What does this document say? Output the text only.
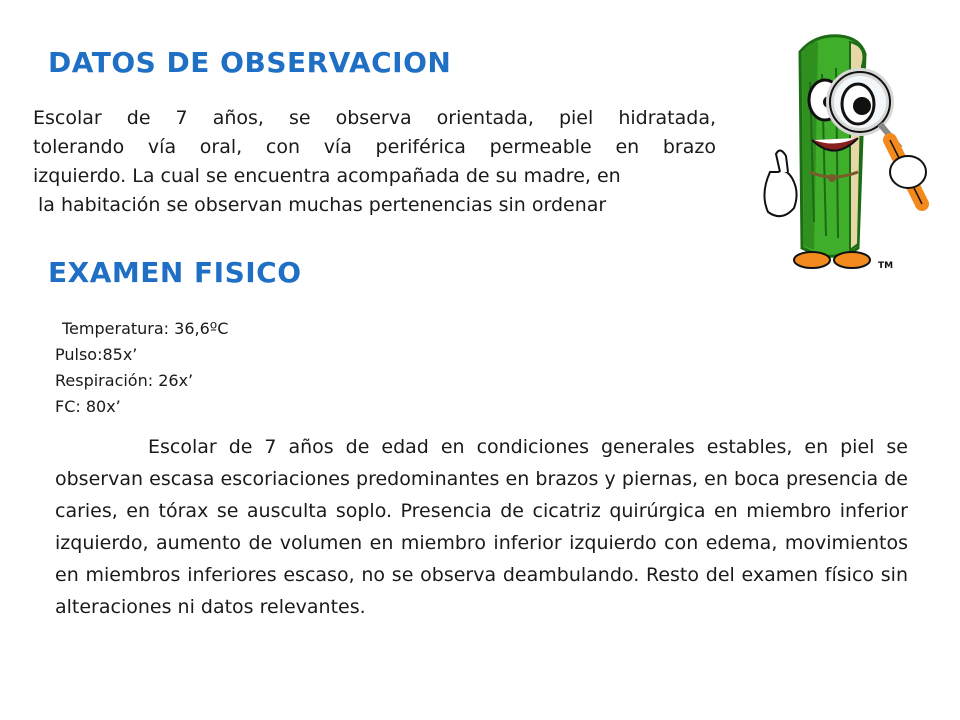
DATOS DE OBSERVACION
Escolar de 7 años, se observa orientada, piel hidratada,
tolerando vía oral, con vía periférica permeable en brazo
izquierdo. La cual se encuentra acompañada de su madre, en
la habitación se observan muchas pertenencias sin ordenar
EXAMEN FISICO
Temperatura: 36,6ºC
Pulso:85x’
Respiración: 26x’
FC: 80x’

Escolar de 7 años de edad en condiciones generales estables, en piel se observan escasa escoriaciones predominantes en brazos y piernas, en boca presencia de caries, en tórax se ausculta soplo. Presencia de cicatriz quirúrgica en miembro inferior izquierdo, aumento de volumen en miembro inferior izquierdo con edema, movimientos en miembros inferiores escaso, no se observa deambulando. Resto del examen físico sin alteraciones ni datos relevantes.

TM
